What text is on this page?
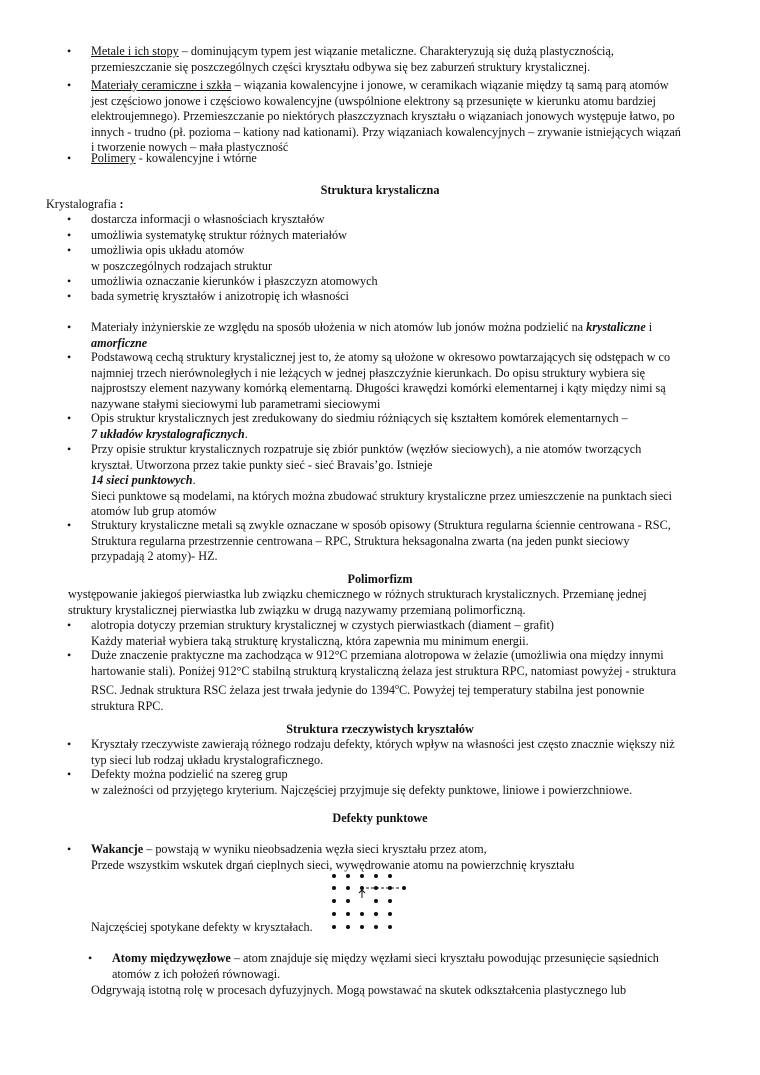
• Metale i ich stopy – dominującym typem jest wiązanie metaliczne. Charakteryzują się dużą plastycznością,
przemieszczanie się poszczególnych części kryształu odbywa się bez zaburzeń struktury krystalicznej.
• Materiały ceramiczne i szkła – wiązania kowalencyjne i jonowe, w ceramikach wiązanie między tą samą parą atomów
jest częściowo jonowe i częściowo kowalencyjne (uwspólnione elektrony są przesunięte w kierunku atomu bardziej
elektroujemnego). Przemieszczanie po niektórych płaszczyznach kryształu o wiązaniach jonowych występuje łatwo, po
innych - trudno (pł. pozioma – kationy nad kationami). Przy wiązaniach kowalencyjnych – zrywanie istniejących wiązań
i tworzenie nowych – mała plastyczność
• Polimery - kowalencyjne i wtórne
Struktura krystaliczna
Krystalografia :
• dostarcza informacji o własnościach kryształów
• umożliwia systematykę struktur różnych materiałów
• umożliwia opis układu atomów
w poszczególnych rodzajach struktur
• umożliwia oznaczanie kierunków i płaszczyzn atomowych
• bada symetrię kryształów i anizotropię ich własności
• Materiały inżynierskie ze względu na sposób ułożenia w nich atomów lub jonów można podzielić na krystaliczne i
amorficzne
• Podstawową cechą struktury krystalicznej jest to, że atomy są ułożone w okresowo powtarzających się odstępach w co
najmniej trzech nierównoległych i nie leżących w jednej płaszczyźnie kierunkach. Do opisu struktury wybiera się
najprostszy element nazywany komórką elementarną. Długości krawędzi komórki elementarnej i kąty między nimi są
nazywane stałymi sieciowymi lub parametrami sieciowymi
• Opis struktur krystalicznych jest zredukowany do siedmiu różniących się kształtem komórek elementarnych –
7 układów krystalograficznych.
• Przy opisie struktur krystalicznych rozpatruje się zbiór punktów (węzłów sieciowych), a nie atomów tworzących
kryształ. Utworzona przez takie punkty sieć - sieć Bravais’go. Istnieje
14 sieci punktowych.
Sieci punktowe są modelami, na których można zbudować struktury krystaliczne przez umieszczenie na punktach sieci
atomów lub grup atomów
• Struktury krystaliczne metali są zwykle oznaczane w sposób opisowy (Struktura regularna ściennie centrowana - RSC,
Struktura regularna przestrzennie centrowana – RPC, Struktura heksagonalna zwarta (na jeden punkt sieciowy
przypadają 2 atomy)- HZ.
Polimorfizm
występowanie jakiegoś pierwiastka lub związku chemicznego w różnych strukturach krystalicznych. Przemianę jednej
struktury krystalicznej pierwiastka lub związku w drugą nazywamy przemianą polimorficzną.
• alotropia dotyczy przemian struktury krystalicznej w czystych pierwiastkach (diament – grafit)
Każdy materiał wybiera taką strukturę krystaliczną, która zapewnia mu minimum energii.
• Duże znaczenie praktyczne ma zachodząca w 912°C przemiana alotropowa w żelazie (umożliwia ona między innymi
hartowanie stali). Poniżej 912°C stabilną strukturą krystaliczną żelaza jest struktura RPC, natomiast powyżej - struktura
RSC. Jednak struktura RSC żelaza jest trwała jedynie do 1394$^o$C. Powyżej tej temperatury stabilna jest ponownie
struktura RPC.
Struktura rzeczywistych kryształów
• Kryształy rzeczywiste zawierają różnego rodzaju defekty, których wpływ na własności jest często znacznie większy niż
typ sieci lub rodzaj układu krystalograficznego.
• Defekty można podzielić na szereg grup
w zależności od przyjętego kryterium. Najczęściej przyjmuje się defekty punktowe, liniowe i powierzchniowe.
Defekty punktowe
• Wakancje – powstają w wyniku nieobsadzenia węzła sieci kryształu przez atom,
Przede wszystkim wskutek drgań cieplnych sieci, wywędrowanie atomu na powierzchnię kryształu
Najczęściej spotykane defekty w kryształach.
• Atomy międzywęzłowe – atom znajduje się między węzłami sieci kryształu powodując przesunięcie sąsiednich
atomów z ich położeń równowagi.
Odgrywają istotną rolę w procesach dyfuzyjnych. Mogą powstawać na skutek odkształcenia plastycznego lub
